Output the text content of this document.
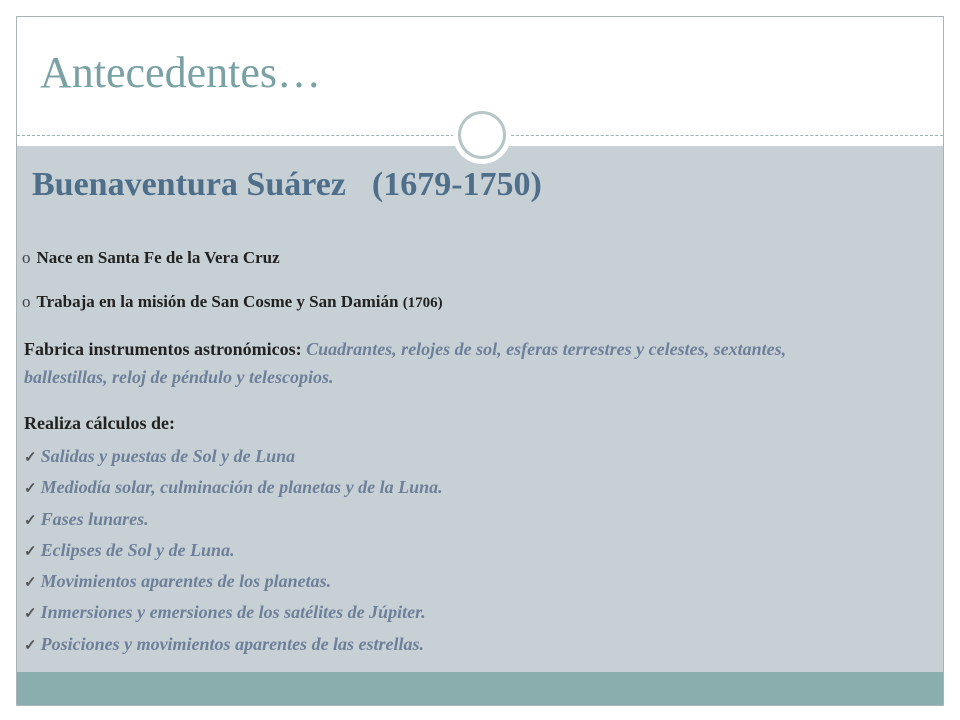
Antecedentes…
Buenaventura Suárez (1679-1750)
o Nace en Santa Fe de la Vera Cruz
o Trabaja en la misión de San Cosme y San Damián (1706)
Fabrica instrumentos astronómicos: Cuadrantes, relojes de sol, esferas terrestres y celestes, sextantes, ballestillas, reloj de péndulo y telescopios.
Realiza cálculos de:
✓ Salidas y puestas de Sol y de Luna
✓ Mediodía solar, culminación de planetas y de la Luna.
✓ Fases lunares.
✓ Eclipses de Sol y de Luna.
✓ Movimientos aparentes de los planetas.
✓ Inmersiones y emersiones de los satélites de Júpiter.
✓ Posiciones y movimientos aparentes de las estrellas.
